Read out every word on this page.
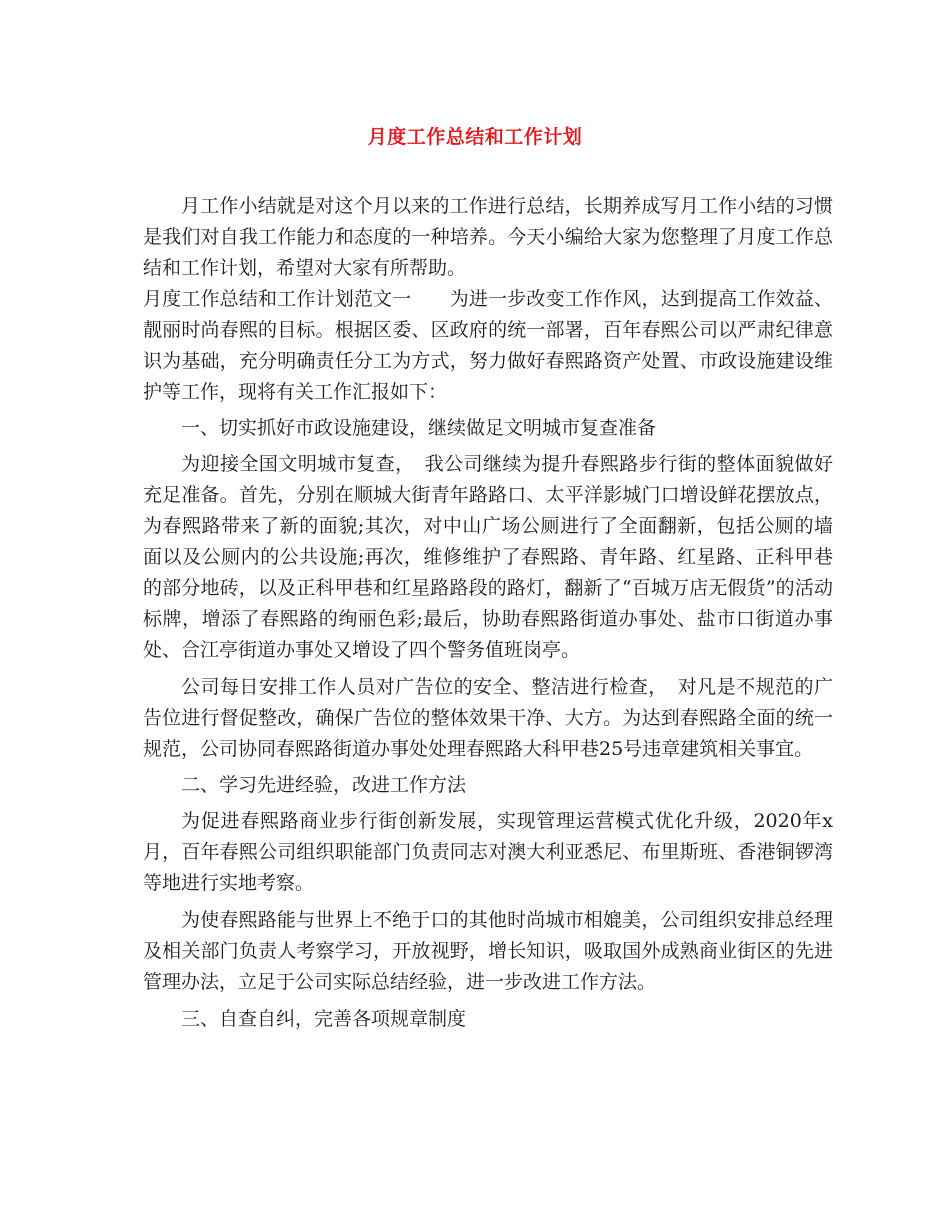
月度工作总结和工作计划

月工作小结就是对这个月以来的工作进行总结，长期养成写月工作小结的习惯是我们对自我工作能力和态度的一种培养。今天小编给大家为您整理了月度工作总结和工作计划，希望对大家有所帮助。

月度工作总结和工作计划范文一　　为进一步改变工作作风，达到提高工作效益、靓丽时尚春熙的目标。根据区委、区政府的统一部署，百年春熙公司以严肃纪律意识为基础，充分明确责任分工为方式，努力做好春熙路资产处置、市政设施建设维护等工作，现将有关工作汇报如下：

一、切实抓好市政设施建设，继续做足文明城市复查准备

为迎接全国文明城市复查，　我公司继续为提升春熙路步行街的整体面貌做好充足准备。首先，分别在顺城大街青年路路口、太平洋影城门口增设鲜花摆放点，为春熙路带来了新的面貌;其次，对中山广场公厕进行了全面翻新，包括公厕的墙面以及公厕内的公共设施;再次，维修维护了春熙路、青年路、红星路、正科甲巷的部分地砖，以及正科甲巷和红星路路段的路灯，翻新了“百城万店无假货”的活动标牌，增添了春熙路的绚丽色彩;最后，协助春熙路街道办事处、盐市口街道办事处、合江亭街道办事处又增设了四个警务值班岗亭。

公司每日安排工作人员对广告位的安全、整洁进行检查，　对凡是不规范的广告位进行督促整改，确保广告位的整体效果干净、大方。为达到春熙路全面的统一规范，公司协同春熙路街道办事处处理春熙路大科甲巷25号违章建筑相关事宜。

二、学习先进经验，改进工作方法

为促进春熙路商业步行街创新发展，实现管理运营模式优化升级，2020年x月，百年春熙公司组织职能部门负责同志对澳大利亚悉尼、布里斯班、香港铜锣湾等地进行实地考察。

为使春熙路能与世界上不绝于口的其他时尚城市相媲美，公司组织安排总经理及相关部门负责人考察学习，开放视野，增长知识，吸取国外成熟商业街区的先进管理办法，立足于公司实际总结经验，进一步改进工作方法。

三、自查自纠，完善各项规章制度
